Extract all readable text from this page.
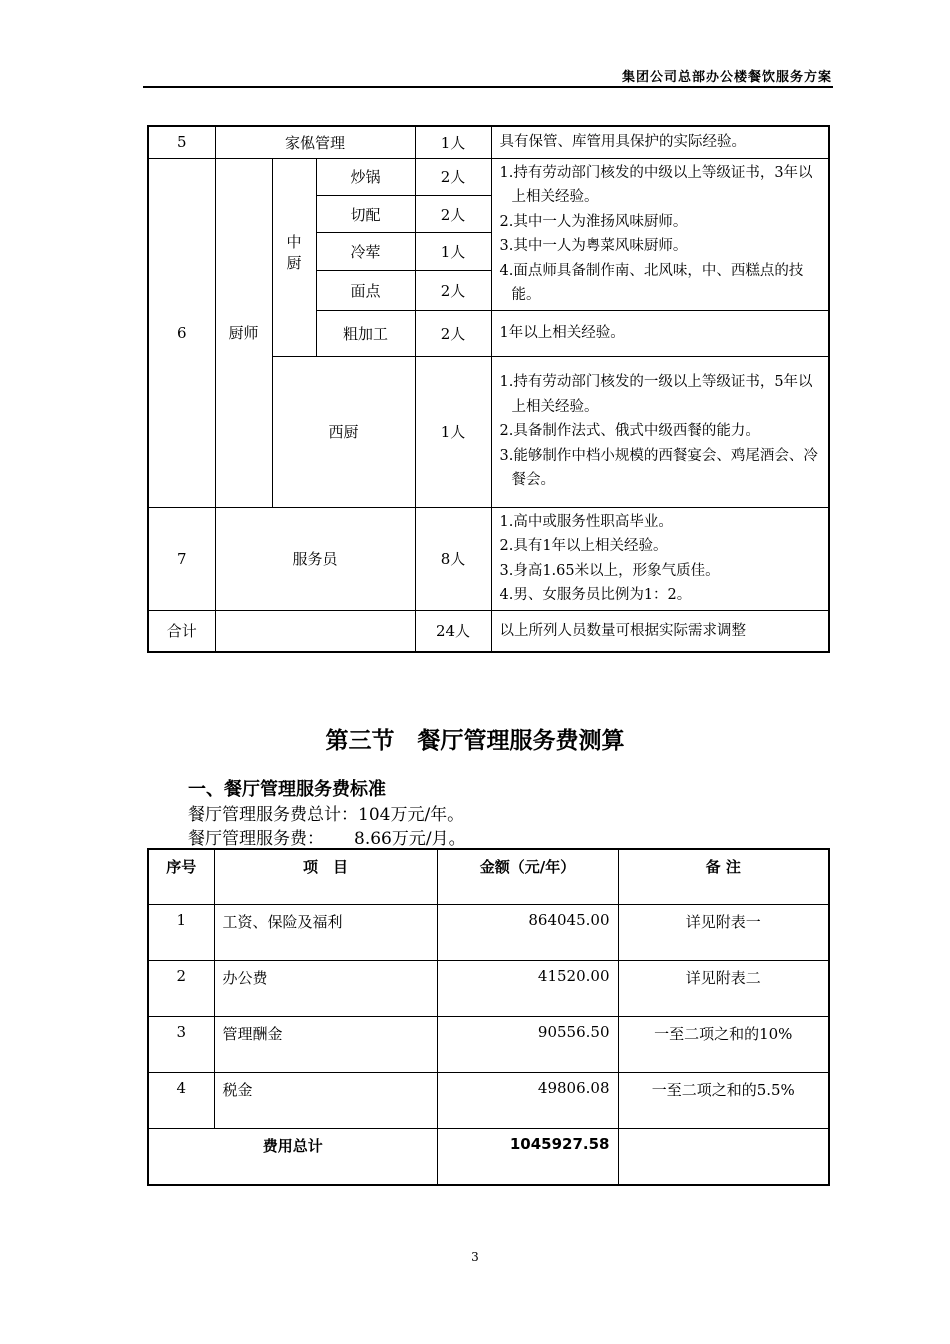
集团公司总部办公楼餐饮服务方案
5	家俬管理			1人	具有保管、库管用具保护的实际经验。
6	厨师	中厨	炒锅	2人	1.持有劳动部门核发的中级以上等级证书，3年以上相关经验。

2.其中一人为淮扬风味厨师。

3.其中一人为粤菜风味厨师。

4.面点师具备制作南、北风味，中、西糕点的技能。

			切配	2人	
			冷荤	1人	
			面点	2人	
			粗加工	2人	1年以上相关经验。
		西厨		1人	1.持有劳动部门核发的一级以上等级证书，5年以上相关经验。

2.具备制作法式、俄式中级西餐的能力。

3.能够制作中档小规模的西餐宴会、鸡尾酒会、冷餐会。

7	服务员			8人	1.高中或服务性职高毕业。

2.具有1年以上相关经验。

3.身高1.65米以上，形象气质佳。

4.男、女服务员比例为1：2。

合计				24人	以上所列人员数量可根据实际需求调整
第三节　餐厅管理服务费测算
一、餐厅管理服务费标准
餐厅管理服务费总计：104万元/年。
餐厅管理服务费： 8.66万元/月。
序号	项　目	金额（元/年）	备 注
1	工资、保险及福利	864045.00	详见附表一
2	办公费	41520.00	详见附表二
3	管理酬金	90556.50	一至二项之和的10%
4	税金	49806.08	一至二项之和的5.5%
费用总计		1045927.58	
3
